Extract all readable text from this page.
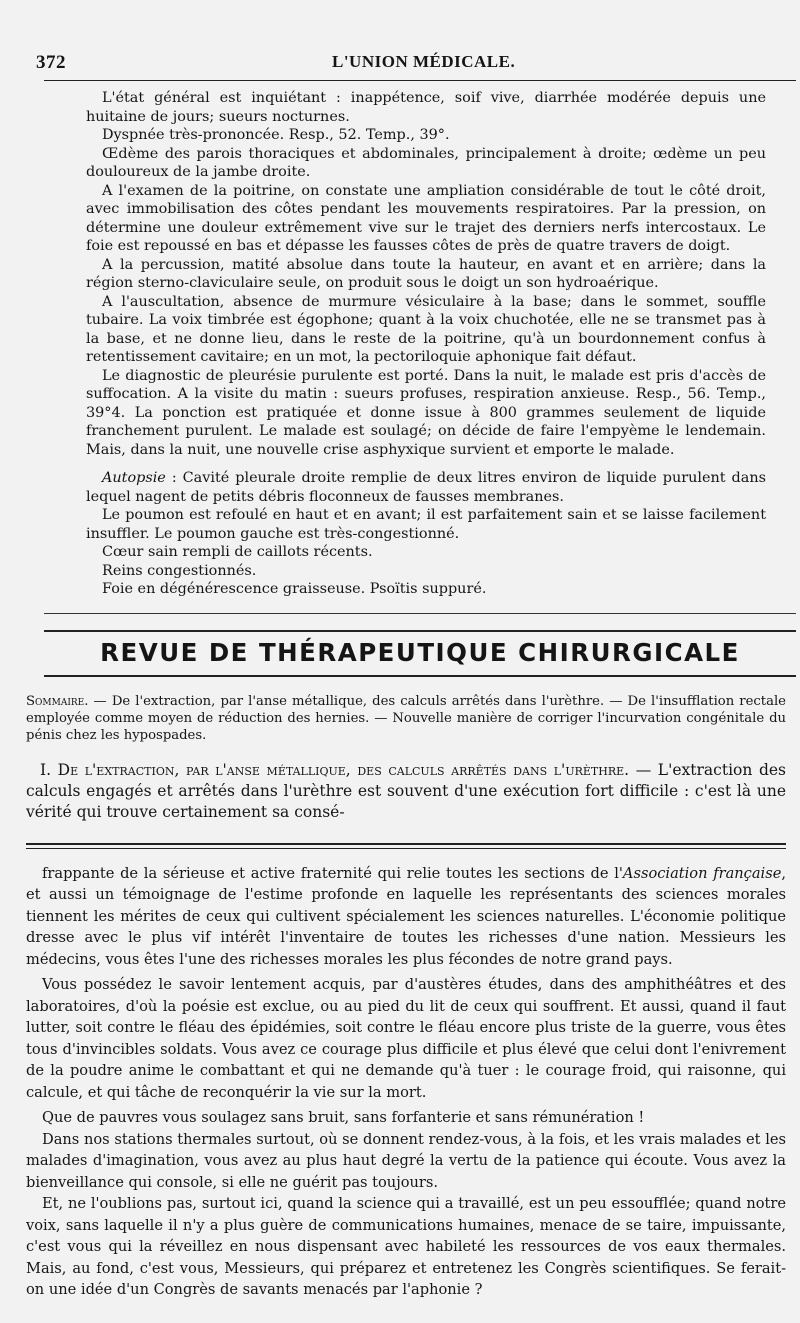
372	L'UNION MÉDICALE.

L'état général est inquiétant : inappétence, soif vive, diarrhée modérée depuis une huitaine de jours; sueurs nocturnes.

Dyspnée très-prononcée. Resp., 52. Temp., 39°.

Œdème des parois thoraciques et abdominales, principalement à droite; œdème un peu douloureux de la jambe droite.

A l'examen de la poitrine, on constate une ampliation considérable de tout le côté droit, avec immobilisation des côtes pendant les mouvements respiratoires. Par la pression, on détermine une douleur extrêmement vive sur le trajet des derniers nerfs intercostaux. Le foie est repoussé en bas et dépasse les fausses côtes de près de quatre travers de doigt.

A la percussion, matité absolue dans toute la hauteur, en avant et en arrière; dans la région sterno-claviculaire seule, on produit sous le doigt un son hydroaérique.

A l'auscultation, absence de murmure vésiculaire à la base; dans le sommet, souffle tubaire. La voix timbrée est égophone; quant à la voix chuchotée, elle ne se transmet pas à la base, et ne donne lieu, dans le reste de la poitrine, qu'à un bourdonnement confus à retentissement cavitaire; en un mot, la pectoriloquie aphonique fait défaut.

Le diagnostic de pleurésie purulente est porté. Dans la nuit, le malade est pris d'accès de suffocation. A la visite du matin : sueurs profuses, respiration anxieuse. Resp., 56. Temp., 39°4. La ponction est pratiquée et donne issue à 800 grammes seulement de liquide franchement purulent. Le malade est soulagé; on décide de faire l'empyème le lendemain. Mais, dans la nuit, une nouvelle crise asphyxique survient et emporte le malade.

Autopsie : Cavité pleurale droite remplie de deux litres environ de liquide purulent dans lequel nagent de petits débris floconneux de fausses membranes.

Le poumon est refoulé en haut et en avant; il est parfaitement sain et se laisse facilement insuffler. Le poumon gauche est très-congestionné.

Cœur sain rempli de caillots récents.

Reins congestionnés.

Foie en dégénérescence graisseuse. Psoïtis suppuré.

REVUE DE THÉRAPEUTIQUE CHIRURGICALE
Sommaire. — De l'extraction, par l'anse métallique, des calculs arrêtés dans l'urèthre. — De l'insufflation rectale employée comme moyen de réduction des hernies. — Nouvelle manière de corriger l'incurvation congénitale du pénis chez les hypospades.
I. De l'extraction, par l'anse métallique, des calculs arrêtés dans l'urèthre. — L'extraction des calculs engagés et arrêtés dans l'urèthre est souvent d'une exécution fort difficile : c'est là une vérité qui trouve certainement sa consé-

frappante de la sérieuse et active fraternité qui relie toutes les sections de l'Association française, et aussi un témoignage de l'estime profonde en laquelle les représentants des sciences morales tiennent les mérites de ceux qui cultivent spécialement les sciences naturelles. L'économie politique dresse avec le plus vif intérêt l'inventaire de toutes les richesses d'une nation. Messieurs les médecins, vous êtes l'une des richesses morales les plus fécondes de notre grand pays.

Vous possédez le savoir lentement acquis, par d'austères études, dans des amphithéâtres et des laboratoires, d'où la poésie est exclue, ou au pied du lit de ceux qui souffrent. Et aussi, quand il faut lutter, soit contre le fléau des épidémies, soit contre le fléau encore plus triste de la guerre, vous êtes tous d'invincibles soldats. Vous avez ce courage plus difficile et plus élevé que celui dont l'enivrement de la poudre anime le combattant et qui ne demande qu'à tuer : le courage froid, qui raisonne, qui calcule, et qui tâche de reconquérir la vie sur la mort.

Que de pauvres vous soulagez sans bruit, sans forfanterie et sans rémunération !

Dans nos stations thermales surtout, où se donnent rendez-vous, à la fois, et les vrais malades et les malades d'imagination, vous avez au plus haut degré la vertu de la patience qui écoute. Vous avez la bienveillance qui console, si elle ne guérit pas toujours.

Et, ne l'oublions pas, surtout ici, quand la science qui a travaillé, est un peu essoufflée; quand notre voix, sans laquelle il n'y a plus guère de communications humaines, menace de se taire, impuissante, c'est vous qui la réveillez en nous dispensant avec habileté les ressources de vos eaux thermales. Mais, au fond, c'est vous, Messieurs, qui préparez et entretenez les Congrès scientifiques. Se ferait-on une idée d'un Congrès de savants menacés par l'aphonie ?
